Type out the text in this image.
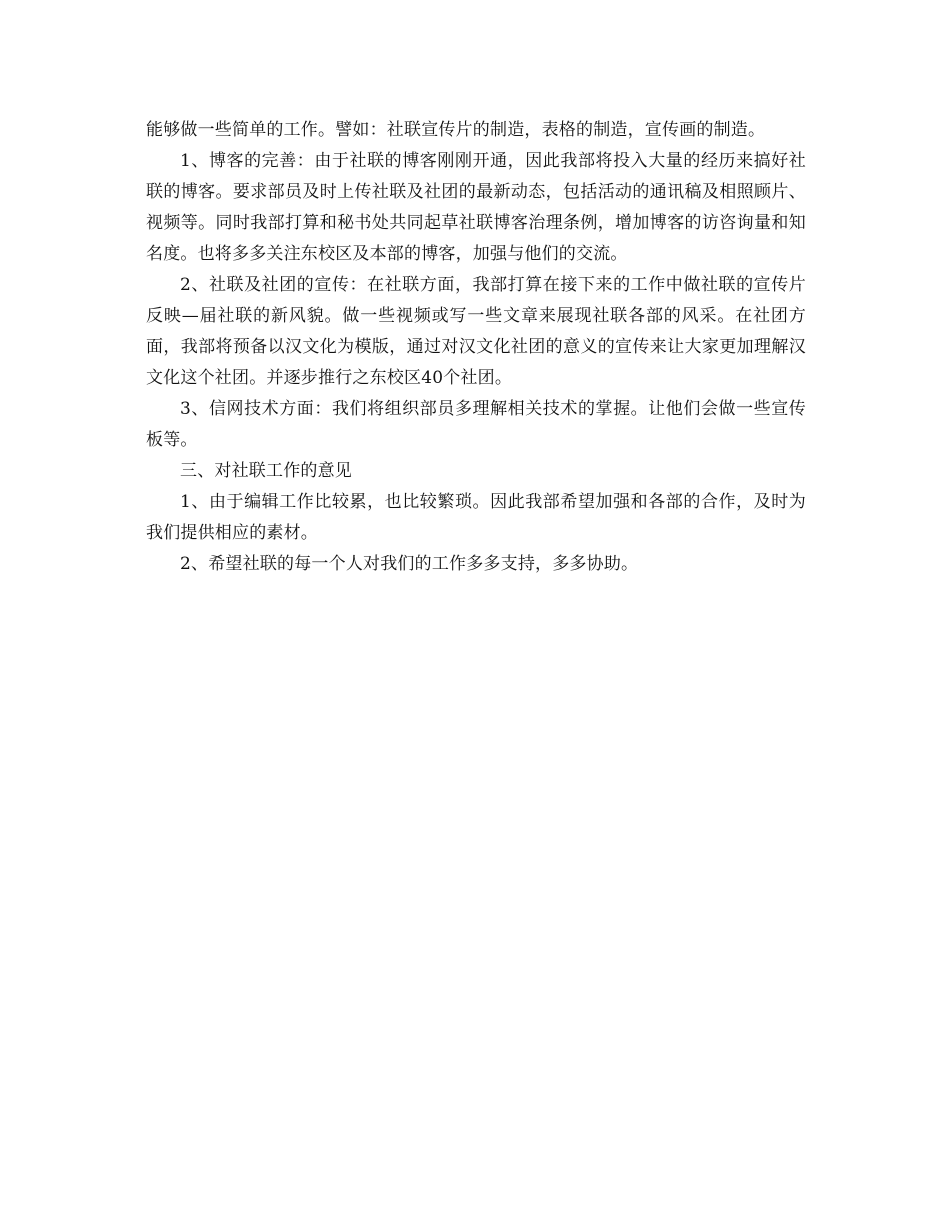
能够做一些简单的工作。譬如：社联宣传片的制造，表格的制造，宣传画的制造。

1、博客的完善：由于社联的博客刚刚开通，因此我部将投入大量的经历来搞好社联的博客。要求部员及时上传社联及社团的最新动态，包括活动的通讯稿及相照顾片、视频等。同时我部打算和秘书处共同起草社联博客治理条例，增加博客的访咨询量和知名度。也将多多关注东校区及本部的博客，加强与他们的交流。

2、社联及社团的宣传：在社联方面，我部打算在接下来的工作中做社联的宣传片反映—届社联的新风貌。做一些视频或写一些文章来展现社联各部的风采。在社团方面，我部将预备以汉文化为模版，通过对汉文化社团的意义的宣传来让大家更加理解汉文化这个社团。并逐步推行之东校区40个社团。

3、信网技术方面：我们将组织部员多理解相关技术的掌握。让他们会做一些宣传板等。

三、对社联工作的意见

1、由于编辑工作比较累，也比较繁琐。因此我部希望加强和各部的合作，及时为我们提供相应的素材。

2、希望社联的每一个人对我们的工作多多支持，多多协助。
